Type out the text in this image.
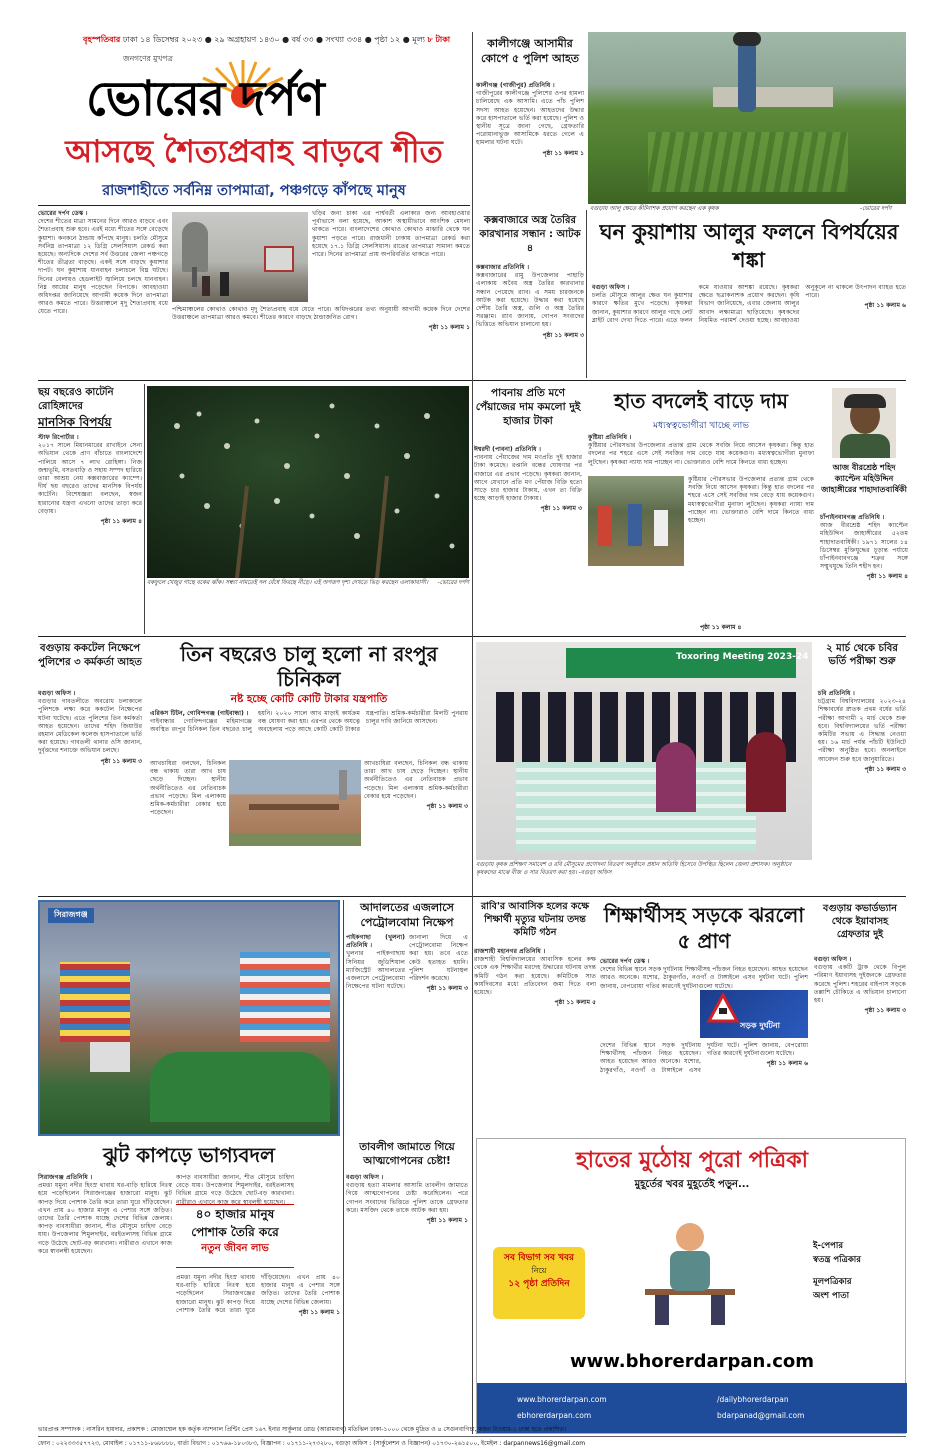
বৃহস্পতিবার ঢাকা ১৪ ডিসেম্বর ২০২৩ ● ২৯ অগ্রহায়ণ ১৪৩০ ● বর্ষ ৩৩ ● সংখ্যা ৩৩৪ ● পৃষ্ঠা ১২ ● মূল্য ৮ টাকা
জনগণের মুখপত্র
ভোরের দর্পণ
আসছে শৈত্যপ্রবাহ বাড়বে শীত
রাজশাহীতে সর্বনিম্ন তাপমাত্রা, পঞ্চগড়ে কাঁপছে মানুষ
ভোরের দর্পণ ডেস্ক ।
দেশের শীতের মাত্রা সামনের দিনে আরও বাড়বে এবং শৈত্যপ্রবাহ শুরু হবে। এরই মধ্যে শীতের সঙ্গে বেড়েছে কুয়াশা। কনকনে ঠান্ডায় কাঁপছে মানুষ। চলতি মৌসুমে সর্বনিম্ন তাপমাত্রা ১২ ডিগ্রি সেলসিয়াস রেকর্ড করা হয়েছে। অন্যদিকে দেশের সর্ব উত্তরের জেলা পঞ্চগড়ে শীতের তীব্রতা বাড়ছে। একই সঙ্গে বাড়ছে কুয়াশার দাপট। ঘন কুয়াশায় যানবাহন চলাচলে বিঘ্ন ঘটছে। দিনের বেলায়ও হেডলাইট জ্বালিয়ে চলছে যানবাহন। নিম্ন আয়ের মানুষ পড়েছেন বিপাকে। আবহাওয়া অধিদপ্তর জানিয়েছে আগামী কয়েক দিনে তাপমাত্রা আরও কমতে পারে। উত্তরাঞ্চলে মৃদু শৈত্যপ্রবাহ বয়ে যেতে পারে।
খড়ির জন্য চাকা এর পার্শ্ববর্তী এলাকার জন্য আবহাওয়ার পূর্বাভাসে বলা হয়েছে, আকাশ অস্থায়ীভাবে আংশিক মেঘলা থাকতে পারে। বাংলাদেশের কোথাও কোথাও মাঝারি থেকে ঘন কুয়াশা পড়তে পারে। রাজধানী ঢাকায় তাপমাত্রা রেকর্ড করা হয়েছে ১৭.১ ডিগ্রি সেলসিয়াস। রাতের তাপমাত্রা সামান্য কমতে পারে। দিনের তাপমাত্রা প্রায় অপরিবর্তিত থাকতে পারে।
পশ্চিমাঞ্চলের কোথাও কোথাও মৃদু শৈত্যপ্রবাহ বয়ে যেতে পারে। অধিদপ্তরের তথ্য অনুযায়ী আগামী কয়েক দিনে দেশের উত্তরাঞ্চলে তাপমাত্রা আরও কমবে। শীতের কারণে বাড়ছে ঠান্ডাজনিত রোগ।
পৃষ্ঠা ১১ কলাম ১
বগুড়ায় আলু ক্ষেতে কীটনাশক প্রয়োগ করছেন এক কৃষক	-ভোরের দর্পণ
কালীগঞ্জে আসামীর কোপে ৫ পুলিশ আহত
কালীগঞ্জ (গাজীপুর) প্রতিনিধি ।
গাজীপুরের কালীগঞ্জে পুলিশের ওপর হামলা চালিয়েছে এক আসামি। এতে পাঁচ পুলিশ সদস্য আহত হয়েছেন। আহতদের উদ্ধার করে হাসপাতালে ভর্তি করা হয়েছে। পুলিশ ও স্থানীয় সূত্রে জানা গেছে, গ্রেফতারি পরোয়ানাভুক্ত আসামিকে ধরতে গেলে এ হামলার ঘটনা ঘটে।
পৃষ্ঠা ১১ কলাম ১
কক্সবাজারে অস্ত্র তৈরির কারখানার সন্ধান : আটক ৪
কক্সবাজার প্রতিনিধি ।
কক্সবাজারের রামু উপজেলার পাহাড়ি এলাকায় অবৈধ অস্ত্র তৈরির কারখানার সন্ধান পেয়েছে র‍্যাব। এ সময় চারজনকে আটক করা হয়েছে। উদ্ধার করা হয়েছে দেশীয় তৈরি অস্ত্র, গুলি ও অস্ত্র তৈরির সরঞ্জাম। র‍্যাব জানায়, গোপন সংবাদের ভিত্তিতে অভিযান চালানো হয়।
পৃষ্ঠা ১১ কলাম ৩
ঘন কুয়াশায় আলুর ফলনে বিপর্যয়ের শঙ্কা
বগুড়া অফিস ।
চলতি মৌসুমে আলুর ক্ষেত ঘন কুয়াশার কারণে ক্ষতির মুখে পড়েছে। কৃষকরা জানান, কুয়াশার কারণে আলুর গাছে লেট ব্লাইট রোগ দেখা দিতে পারে। এতে ফলন কমে যাওয়ার আশঙ্কা রয়েছে। কৃষকরা ক্ষেতে ছত্রাকনাশক প্রয়োগ করছেন। কৃষি বিভাগ জানিয়েছে, এবার জেলায় আলুর আবাদ লক্ষ্যমাত্রা ছাড়িয়েছে। কৃষকদের নিয়মিত পরামর্শ দেওয়া হচ্ছে। আবহাওয়া অনুকূলে না থাকলে উৎপাদন ব্যাহত হতে পারে।
পৃষ্ঠা ১১ কলাম ৬
ছয় বছরেও কাটেনি রোহিঙ্গাদের
মানসিক বিপর্যয়
স্টাফ রিপোর্টার ।
২০১৭ সালে মিয়ানমারের রাখাইনে সেনা অভিযান থেকে প্রাণ বাঁচাতে বাংলাদেশে পালিয়ে আসে ৭ লাখ রোহিঙ্গা। নিজ জন্মভূমি, বসতবাড়ি ও সহায় সম্পদ হারিয়ে তারা আশ্রয় নেয় কক্সবাজারের ক্যাম্পে। দীর্ঘ ছয় বছরেও তাদের মানসিক বিপর্যয় কাটেনি। বিশেষজ্ঞরা বলছেন, স্বজন হারানোর যন্ত্রণা এখনো তাদের তাড়া করে বেড়ায়।
পৃষ্ঠা ১১ কলাম ৪
বকফুলে খেজুর গাছে বকের ঝাঁক। সন্ধ্যা নামতেই দল বেঁধে ফিরছে নীড়ে। এই অপরূপ দৃশ্য দেখতে ভিড় করছেন এলাকাবাসী। -ভোরের দর্পণ
পাবনায় প্রতি মণে পেঁয়াজের দাম কমলো দুই হাজার টাকা
ঈশ্বরদী (পাবনা) প্রতিনিধি ।
পাবনায় পেঁয়াজের দাম মণপ্রতি দুই হাজার টাকা কমেছে। রপ্তানি বন্ধের ঘোষণার পর বাজারে এর প্রভাব পড়েছে। কৃষকরা জানান, আগে যেখানে প্রতি মণ পেঁয়াজ বিক্রি হতো সাড়ে চার হাজার টাকায়, এখন তা বিক্রি হচ্ছে আড়াই হাজার টাকায়।
পৃষ্ঠা ১১ কলাম ৩
হাত বদলেই বাড়ে দাম
মধ্যস্বত্বভোগীরা খাচ্ছে লাভ
কুষ্টিয়া প্রতিনিধি ।
কুষ্টিয়ার পৌরসভার উপজেলার প্রত্যন্ত গ্রাম থেকে সবজি নিয়ে আসেন কৃষকরা। কিন্তু হাত বদলের পর শহরে এসে সেই সবজির দাম বেড়ে যায় কয়েকগুণ। মধ্যস্বত্বভোগীরা মুনাফা লুটছেন। কৃষকরা ন্যায্য দাম পাচ্ছেন না। ভোক্তারাও বেশি দামে কিনতে বাধ্য হচ্ছেন।
কুষ্টিয়ার পৌরসভার উপজেলার প্রত্যন্ত গ্রাম থেকে সবজি নিয়ে আসেন কৃষকরা। কিন্তু হাত বদলের পর শহরে এসে সেই সবজির দাম বেড়ে যায় কয়েকগুণ। মধ্যস্বত্বভোগীরা মুনাফা লুটছেন। কৃষকরা ন্যায্য দাম পাচ্ছেন না। ভোক্তারাও বেশি দামে কিনতে বাধ্য হচ্ছেন।
পৃষ্ঠা ১১ কলাম ৪
আজ বীরশ্রেষ্ঠ শহিদ ক্যাপ্টেন মহিউদ্দিন জাহাঙ্গীরের শাহাদাতবার্ষিকী
চাঁপাইনবাবগঞ্জ প্রতিনিধি ।
আজ বীরশ্রেষ্ঠ শহিদ ক্যাপ্টেন মহিউদ্দিন জাহাঙ্গীরের ৫২তম শাহাদাতবার্ষিকী। ১৯৭১ সালের ১৪ ডিসেম্বর মুক্তিযুদ্ধের চূড়ান্ত পর্যায়ে চাঁপাইনবাবগঞ্জে শত্রুর সঙ্গে সম্মুখযুদ্ধে তিনি শহীদ হন।
পৃষ্ঠা ১১ কলাম ৪
বগুড়ায় ককটেল নিক্ষেপে পুলিশের ৩ কর্মকর্তা আহত
বগুড়া অফিস ।
বগুড়ার গাবতলীতে অবরোধ চলাকালে পুলিশকে লক্ষ্য করে ককটেল নিক্ষেপের ঘটনা ঘটেছে। এতে পুলিশের তিন কর্মকর্তা আহত হয়েছেন। তাদের শহিদ জিয়াউর রহমান মেডিকেল কলেজ হাসপাতালে ভর্তি করা হয়েছে। গাবতলী থানার ওসি জানান, দুর্বৃত্তদের শনাক্তে অভিযান চলছে।
পৃষ্ঠা ১১ কলাম ৩
তিন বছরেও চালু হলো না রংপুর চিনিকল
নষ্ট হচ্ছে কোটি কোটি টাকার যন্ত্রপাতি
এরিকস টিটন, গোবিন্দগঞ্জ (গাইবান্ধা) ।
গাইবান্ধার গোবিন্দগঞ্জের মহিমাগঞ্জে অবস্থিত রংপুর চিনিকল তিন বছরেও চালু হয়নি। ২০২০ সালে আখ মাড়াই কার্যক্রম বন্ধ ঘোষণা করা হয়। এরপর থেকে অযত্নে অবহেলায় পড়ে আছে কোটি কোটি টাকার যন্ত্রপাতি। শ্রমিক-কর্মচারীরা মিলটি পুনরায় চালুর দাবি জানিয়ে আসছেন।
আখচাষিরা বলছেন, চিনিকল বন্ধ থাকায় তারা আখ চাষ ছেড়ে দিচ্ছেন। স্থানীয় অর্থনীতিতেও এর নেতিবাচক প্রভাব পড়েছে। মিল এলাকায় শ্রমিক-কর্মচারীরা বেকার হয়ে পড়েছেন।
পৃষ্ঠা ১১ কলাম ৩
আখচাষিরা বলছেন, চিনিকল বন্ধ থাকায় তারা আখ চাষ ছেড়ে দিচ্ছেন। স্থানীয় অর্থনীতিতেও এর নেতিবাচক প্রভাব পড়েছে। মিল এলাকায় শ্রমিক-কর্মচারীরা বেকার হয়ে পড়েছেন।
Toxoring Meeting 2023-24
বগুড়ায় কৃষক প্রশিক্ষণ সমাবেশ ও রবি মৌসুমের প্রণোদনা বিতরণ অনুষ্ঠানে প্রধান অতিথি হিসেবে উপস্থিত ছিলেন জেলা প্রশাসক। অনুষ্ঠানে কৃষকদের মাঝে বীজ ও সার বিতরণ করা হয়। -বগুড়া অফিস
২ মার্চ থেকে চবির ভর্তি পরীক্ষা শুরু
চবি প্রতিনিধি ।
চট্টগ্রাম বিশ্ববিদ্যালয়ের ২০২৩-২৪ শিক্ষাবর্ষের স্নাতক প্রথম বর্ষের ভর্তি পরীক্ষা আগামী ২ মার্চ থেকে শুরু হবে। বিশ্ববিদ্যালয়ের ভর্তি পরীক্ষা কমিটির সভায় এ সিদ্ধান্ত নেওয়া হয়। ১৬ মার্চ পর্যন্ত পাঁচটি ইউনিটে পরীক্ষা অনুষ্ঠিত হবে। অনলাইনে আবেদন শুরু হবে জানুয়ারিতে।
পৃষ্ঠা ১১ কলাম ৩
সিরাজগঞ্জ
ঝুট কাপড়ে ভাগ্যবদল
সিরাজগঞ্জ প্রতিনিধি ।
প্রমত্তা যমুনা নদীর হিংস্র থাবায় ঘর-বাড়ি হারিয়ে নিঃস্ব হয়ে পড়েছিলেন সিরাজগঞ্জের হাজারো মানুষ। ঝুট কাপড় দিয়ে পোশাক তৈরি করে তারা ঘুরে দাঁড়িয়েছেন। এখন প্রায় ৪০ হাজার মানুষ এ পেশার সঙ্গে জড়িত। তাদের তৈরি পোশাক যাচ্ছে দেশের বিভিন্ন জেলায়। কাপড় ব্যবসায়ীরা জানান, শীত মৌসুমে চাহিদা বেড়ে যায়। উপজেলার শিমুলদাইর, বরইতলাসহ বিভিন্ন গ্রামে গড়ে উঠেছে ছোট-বড় কারখানা। নারীরাও এখানে কাজ করে স্বাবলম্বী হয়েছেন।
৪০ হাজার মানুষ
পোশাক তৈরি করে
নতুন জীবন লাভ
কাপড় ব্যবসায়ীরা জানান, শীত মৌসুমে চাহিদা বেড়ে যায়। উপজেলার শিমুলদাইর, বরইতলাসহ বিভিন্ন গ্রামে গড়ে উঠেছে ছোট-বড় কারখানা। নারীরাও এখানে কাজ করে স্বাবলম্বী হয়েছেন।
প্রমত্তা যমুনা নদীর হিংস্র থাবায় ঘর-বাড়ি হারিয়ে নিঃস্ব হয়ে পড়েছিলেন সিরাজগঞ্জের হাজারো মানুষ। ঝুট কাপড় দিয়ে পোশাক তৈরি করে তারা ঘুরে দাঁড়িয়েছেন। এখন প্রায় ৪০ হাজার মানুষ এ পেশার সঙ্গে জড়িত। তাদের তৈরি পোশাক যাচ্ছে দেশের বিভিন্ন জেলায়।
পৃষ্ঠা ১১ কলাম ১
আদালতের এজলাসে পেট্রোলবোমা নিক্ষেপ
পাইকগাছা (খুলনা) প্রতিনিধি ।
খুলনার পাইকগাছায় সিনিয়র জুডিশিয়াল ম্যাজিস্ট্রেট আদালতের এজলাসে পেট্রোলবোমা নিক্ষেপের ঘটনা ঘটেছে। জানালা দিয়ে এ পেট্রোলবোমা নিক্ষেপ করা হয়। তবে এতে কেউ হতাহত হয়নি। পুলিশ ঘটনাস্থল পরিদর্শন করেছে।
পৃষ্ঠা ১১ কলাম ৩
তাবলীগ জামাতে গিয়ে আত্মগোপনের চেষ্টা!
বগুড়া অফিস ।
বগুড়ায় হত্যা মামলার আসামি তাবলীগ জামাতে গিয়ে আত্মগোপনের চেষ্টা করেছিলেন। পরে গোপন সংবাদের ভিত্তিতে পুলিশ তাকে গ্রেফতার করে। মসজিদ থেকে তাকে আটক করা হয়।
পৃষ্ঠা ১১ কলাম ১
রাবি'র আবাসিক হলের কক্ষে শিক্ষার্থী মৃত্যুর ঘটনায় তদন্ত কমিটি গঠন
রাজশাহী মহানগর প্রতিনিধি ।
রাজশাহী বিশ্ববিদ্যালয়ের আবাসিক হলের কক্ষ থেকে এক শিক্ষার্থীর মরদেহ উদ্ধারের ঘটনায় তদন্ত কমিটি গঠন করা হয়েছে। কমিটিকে সাত কার্যদিবসের মধ্যে প্রতিবেদন জমা দিতে বলা হয়েছে।
পৃষ্ঠা ১১ কলাম ৫
শিক্ষার্থীসহ সড়কে ঝরলো ৫ প্রাণ
ভোরের দর্পণ ডেস্ক ।
দেশের বিভিন্ন স্থানে সড়ক দুর্ঘটনায় শিক্ষার্থীসহ পাঁচজন নিহত হয়েছেন। আহত হয়েছেন আরও অনেকে। যশোর, ঠাকুরগাঁও, নওগাঁ ও টাঙ্গাইলে এসব দুর্ঘটনা ঘটে। পুলিশ জানায়, বেপরোয়া গতির কারণেই দুর্ঘটনাগুলো ঘটেছে।
সড়ক দুর্ঘটনা
দেশের বিভিন্ন স্থানে সড়ক দুর্ঘটনায় শিক্ষার্থীসহ পাঁচজন নিহত হয়েছেন। আহত হয়েছেন আরও অনেকে। যশোর, ঠাকুরগাঁও, নওগাঁ ও টাঙ্গাইলে এসব দুর্ঘটনা ঘটে। পুলিশ জানায়, বেপরোয়া গতির কারণেই দুর্ঘটনাগুলো ঘটেছে।
পৃষ্ঠা ১১ কলাম ৬
বগুড়ায় কভার্ডভ্যান থেকে ইয়াবাসহ গ্রেফতার দুই
বগুড়া অফিস ।
বগুড়ায় একটি ট্রাক থেকে বিপুল পরিমাণ ইয়াবাসহ দুইজনকে গ্রেফতার করেছে পুলিশ। শহরের বাইপাস সড়কে তল্লাশি চৌকিতে এ অভিযান চালানো হয়।
পৃষ্ঠা ১১ কলাম ৩
হাতের মুঠোয় পুরো পত্রিকা
মুহূর্তের খবর মুহূর্তেই পড়ুন...
সব বিভাগ সব খবর
নিয়ে
১২ পৃষ্ঠা প্রতিদিন
ই-পেপার
স্বতন্ত্র পত্রিকার
মূলপত্রিকার
অংশ পাতা
www.bhorerdarpan.com
www.bhorerdarpan.com
ebhorerdarpan.com
/dailybhorerdarpan
bdarpanad@gmail.com
ভারপ্রাপ্ত সম্পাদক : নাসরিন হায়দার, প্রকাশক : মোজাম্মেল হক কর্তৃক ন্যাশনাল প্রিন্টিং প্রেস ১৬৭ ইনার সার্কুলার রোড (আরামবাগ) মতিঝিল ঢাকা-১০০০ থেকে মুদ্রিত ও ৪ সেগুনবাগিচা, স্বজন টাওয়ার-১ ঢাকা হতে প্রকাশিত।
ফোন : ০২২৩৩৩৫৭৭২৩, মোবাইল : ০১৭১১-৮৬৮৮৮৮, বার্তা বিভাগ : ০১৭৬৬-১৮০৩৮৩, বিজ্ঞাপন : ০১৭১১-২৭৩২৮০, বগুড়া অফিস : (সার্কুলেশন ও বিজ্ঞাপন) ০১৭৩০-২৬১৫০০, ইমেইল : darpannews16@gmail.com
